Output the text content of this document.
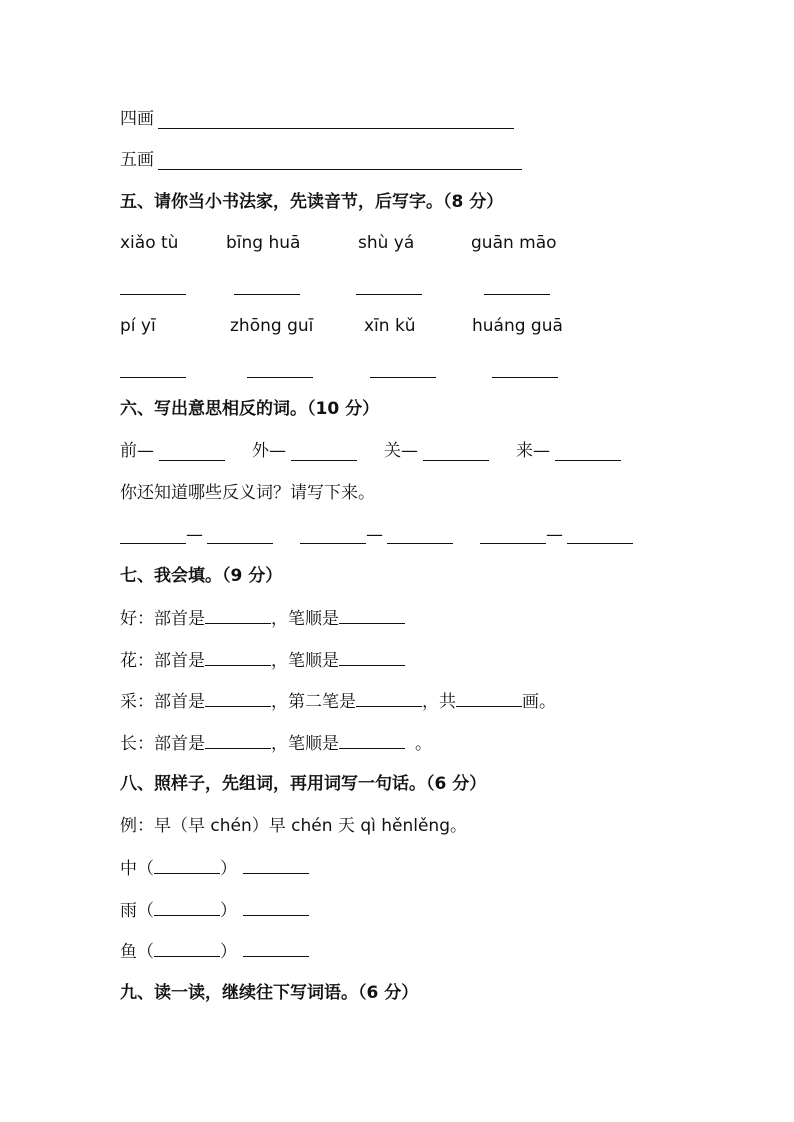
四画
五画
五、请你当小书法家，先读音节，后写字。（8 分）
xiǎo tù	bīng huā	shù yá	guān māo
pí yī	zhōng guī	xīn kǔ	huáng guā
六、写出意思相反的词。（10 分）
前—	外—	关—	来—
你还知道哪些反义词？请写下来。
—	—	—
七、我会填。（9 分）
好：部首是	，笔顺是
花：部首是	，笔顺是
采：部首是	，第二笔是	，共	画。
长：部首是	，笔顺是	。
八、照样子，先组词，再用词写一句话。（6 分）
例：早（早 chén）早 chén 天 qì hěnlěng。
中（	）
雨（	）
鱼（	）
九、读一读，继续往下写词语。（6 分）
